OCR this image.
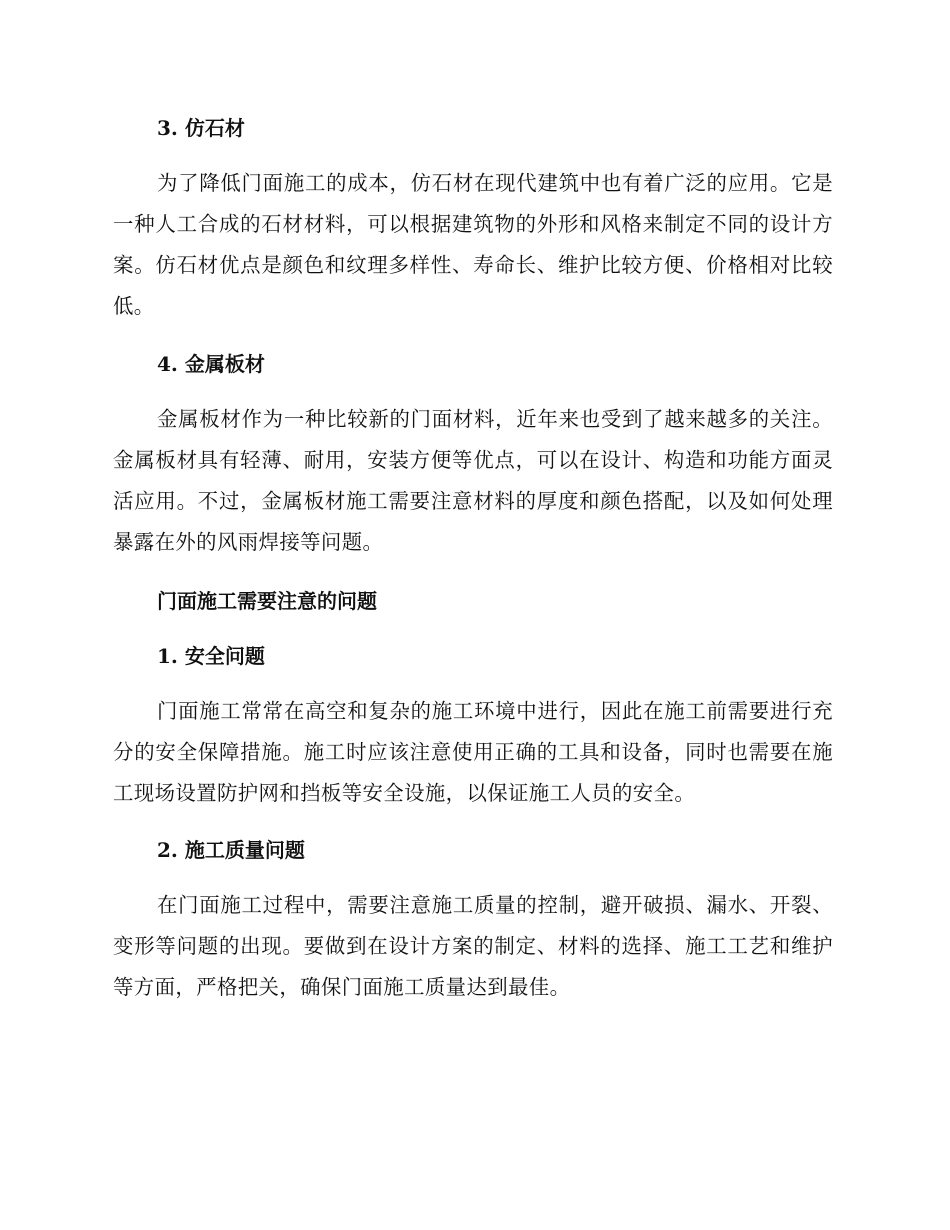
3. 仿石材

为了降低门面施工的成本，仿石材在现代建筑中也有着广泛的应用。它是一种人工合成的石材材料，可以根据建筑物的外形和风格来制定不同的设计方案。仿石材优点是颜色和纹理多样性、寿命长、维护比较方便、价格相对比较低。

4. 金属板材

金属板材作为一种比较新的门面材料，近年来也受到了越来越多的关注。金属板材具有轻薄、耐用，安装方便等优点，可以在设计、构造和功能方面灵活应用。不过，金属板材施工需要注意材料的厚度和颜色搭配，以及如何处理暴露在外的风雨焊接等问题。

门面施工需要注意的问题
1. 安全问题

门面施工常常在高空和复杂的施工环境中进行，因此在施工前需要进行充分的安全保障措施。施工时应该注意使用正确的工具和设备，同时也需要在施工现场设置防护网和挡板等安全设施，以保证施工人员的安全。

2. 施工质量问题

在门面施工过程中，需要注意施工质量的控制，避开破损、漏水、开裂、变形等问题的出现。要做到在设计方案的制定、材料的选择、施工工艺和维护等方面，严格把关，确保门面施工质量达到最佳。
